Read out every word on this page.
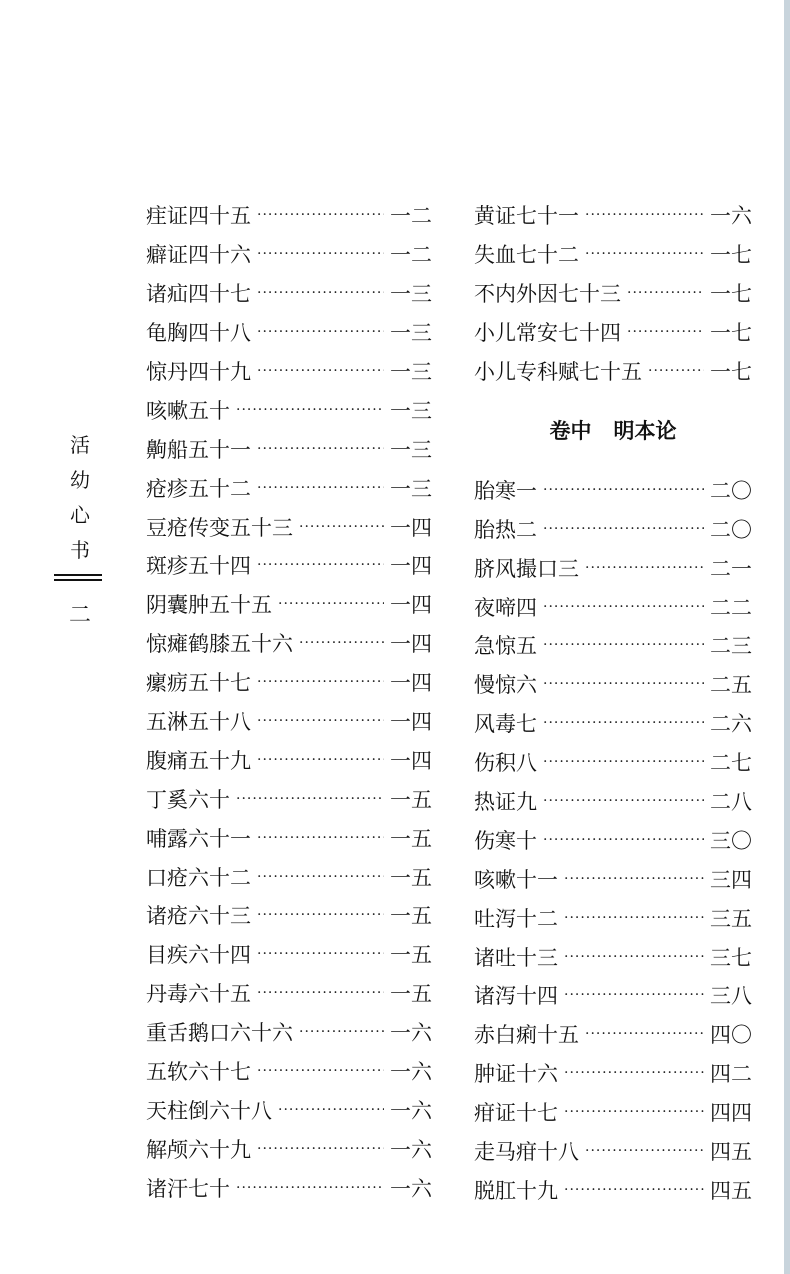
活
幼
心
书
二
疰证四十五 ·····	一二
癖证四十六 ·····	一二
诸疝四十七 ·····	一三
龟胸四十八 ·····	一三
惊丹四十九 ·····	一三
咳嗽五十 ·····	一三
齁船五十一 ·····	一三
疮疹五十二 ·····	一三
豆疮传变五十三 ·····	一四
斑疹五十四 ·····	一四
阴囊肿五十五 ·····	一四
惊瘫鹤膝五十六 ·····	一四
瘰疬五十七 ·····	一四
五淋五十八 ·····	一四
腹痛五十九 ·····	一四
丁奚六十 ·····	一五
哺露六十一 ·····	一五
口疮六十二 ·····	一五
诸疮六十三 ·····	一五
目疾六十四 ·····	一五
丹毒六十五 ·····	一五
重舌鹅口六十六 ·····	一六
五软六十七 ·····	一六
天柱倒六十八 ·····	一六
解颅六十九 ·····	一六
诸汗七十 ·····	一六
黄证七十一 ·····	一六
失血七十二 ·····	一七
不内外因七十三 ·····	一七
小儿常安七十四 ·····	一七
小儿专科赋七十五 ·····	一七
卷中 明本论
胎寒一 ·····	二〇
胎热二 ·····	二〇
脐风撮口三 ·····	二一
夜啼四 ·····	二二
急惊五 ·····	二三
慢惊六 ·····	二五
风毒七 ·····	二六
伤积八 ·····	二七
热证九 ·····	二八
伤寒十 ·····	三〇
咳嗽十一 ·····	三四
吐泻十二 ·····	三五
诸吐十三 ·····	三七
诸泻十四 ·····	三八
赤白痢十五 ·····	四〇
肿证十六 ·····	四二
疳证十七 ·····	四四
走马疳十八 ·····	四五
脱肛十九 ·····	四五
